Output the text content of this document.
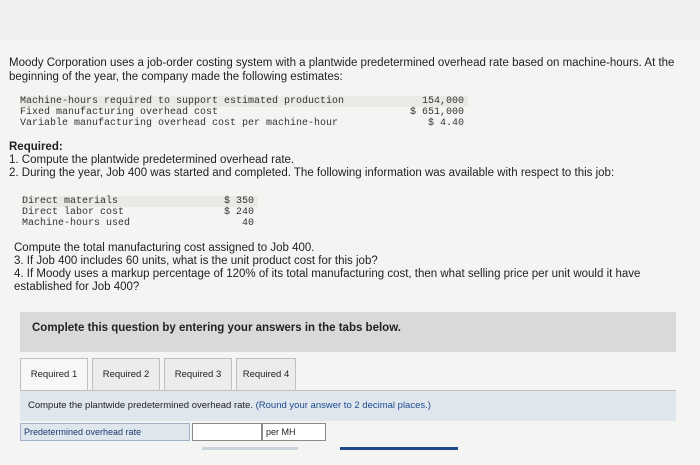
Moody Corporation uses a job-order costing system with a plantwide predetermined overhead rate based on machine-hours. At the
beginning of the year, the company made the following estimates:
Machine-hours required to support estimated production	154,000
Fixed manufacturing overhead cost	$ 651,000
Variable manufacturing overhead cost per machine-hour	$ 4.40
Required:
1. Compute the plantwide predetermined overhead rate.
2. During the year, Job 400 was started and completed. The following information was available with respect to this job:
Direct materials	$ 350
Direct labor cost	$ 240
Machine-hours used	40
Compute the total manufacturing cost assigned to Job 400.
3. If Job 400 includes 60 units, what is the unit product cost for this job?
4. If Moody uses a markup percentage of 120% of its total manufacturing cost, then what selling price per unit would it have
established for Job 400?
Complete this question by entering your answers in the tabs below.
Required 1	Required 2	Required 3	Required 4
Compute the plantwide predetermined overhead rate. (Round your answer to 2 decimal places.)
Predetermined overhead rate	per MH
